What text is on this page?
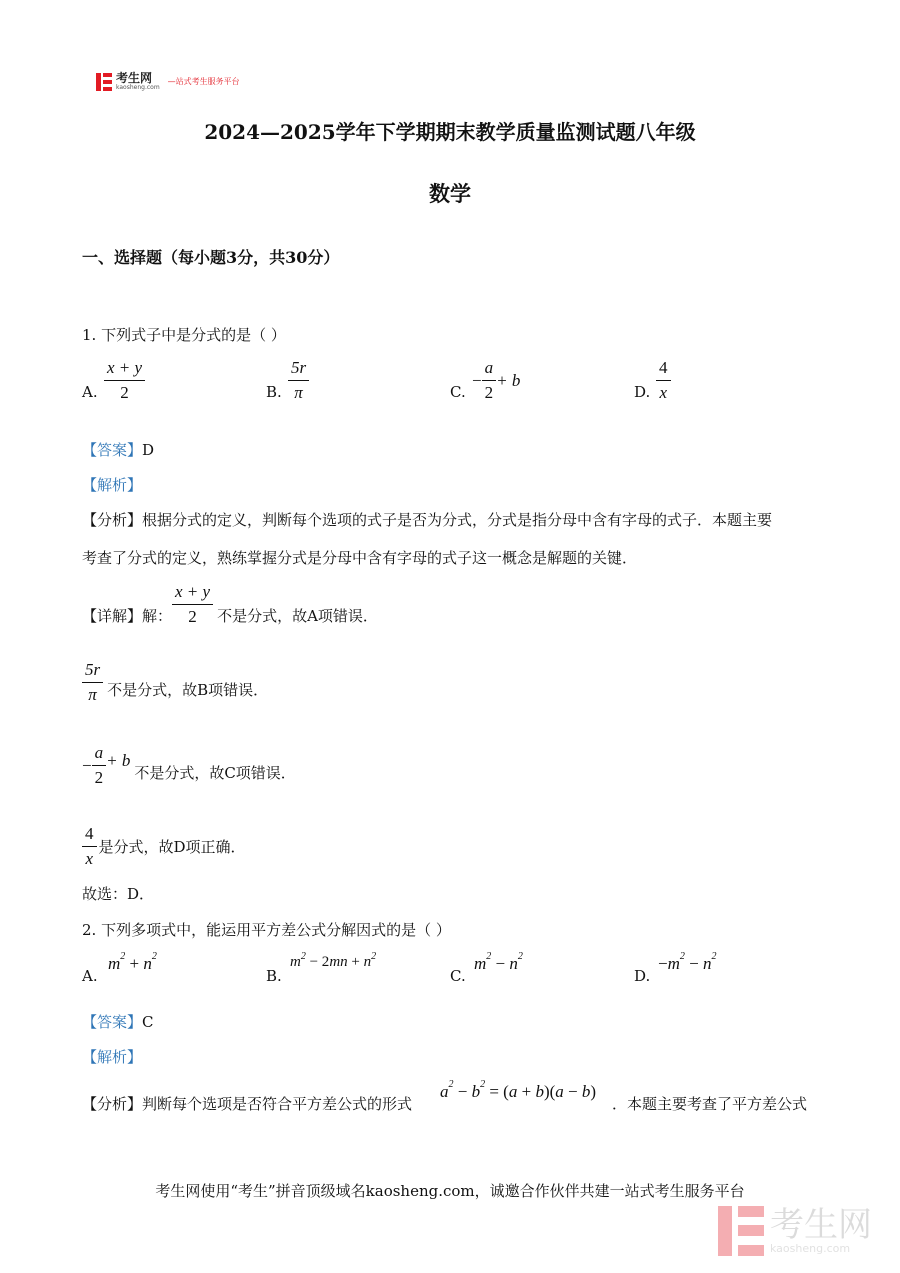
考生网
kaosheng.com
—站式考生服务平台
2024—2025学年下学期期末教学质量监测试题八年级
数学
一、选择题（每小题3分，共30分）
1. 下列式子中是分式的是（ ）
A. $\frac{x + y}{2}$	B. $\frac{5r}{\pi}$	C.
− $\frac{a}{2} + b$
D. $\frac{4}{x}$
【答案】D
【解析】
【分析】根据分式的定义，判断每个选项的式子是否为分式，分式是指分母中含有字母的式子．本题主要
考查了分式的定义，熟练掌握分式是分母中含有字母的式子这一概念是解题的关键．
【详解】解： $\frac{x + y}{2}$ 不是分式，故A项错误．
$\frac{5r}{\pi}$ 不是分式，故B项错误．
− $\frac{a}{2} + b$
不是分式，故C项错误．
$\frac{4}{x}$ 是分式，故D项正确．
故选：D．
2. 下列多项式中，能运用平方差公式分解因式的是（ ）
A.
$m^2 + n^2$
B.
$m^2 - 2mn + n^2$
C.
$m^2 - n^2$
D.
$-m^2 - n^2$
【答案】C
【解析】
【分析】判断每个选项是否符合平方差公式的形式
$a^2 - b^2 = (a + b)(a - b)$
．本题主要考查了平方差公式
考生网使用“考生”拼音顶级域名kaosheng.com，诚邀合作伙伴共建一站式考生服务平台
考生网
kaosheng.com
